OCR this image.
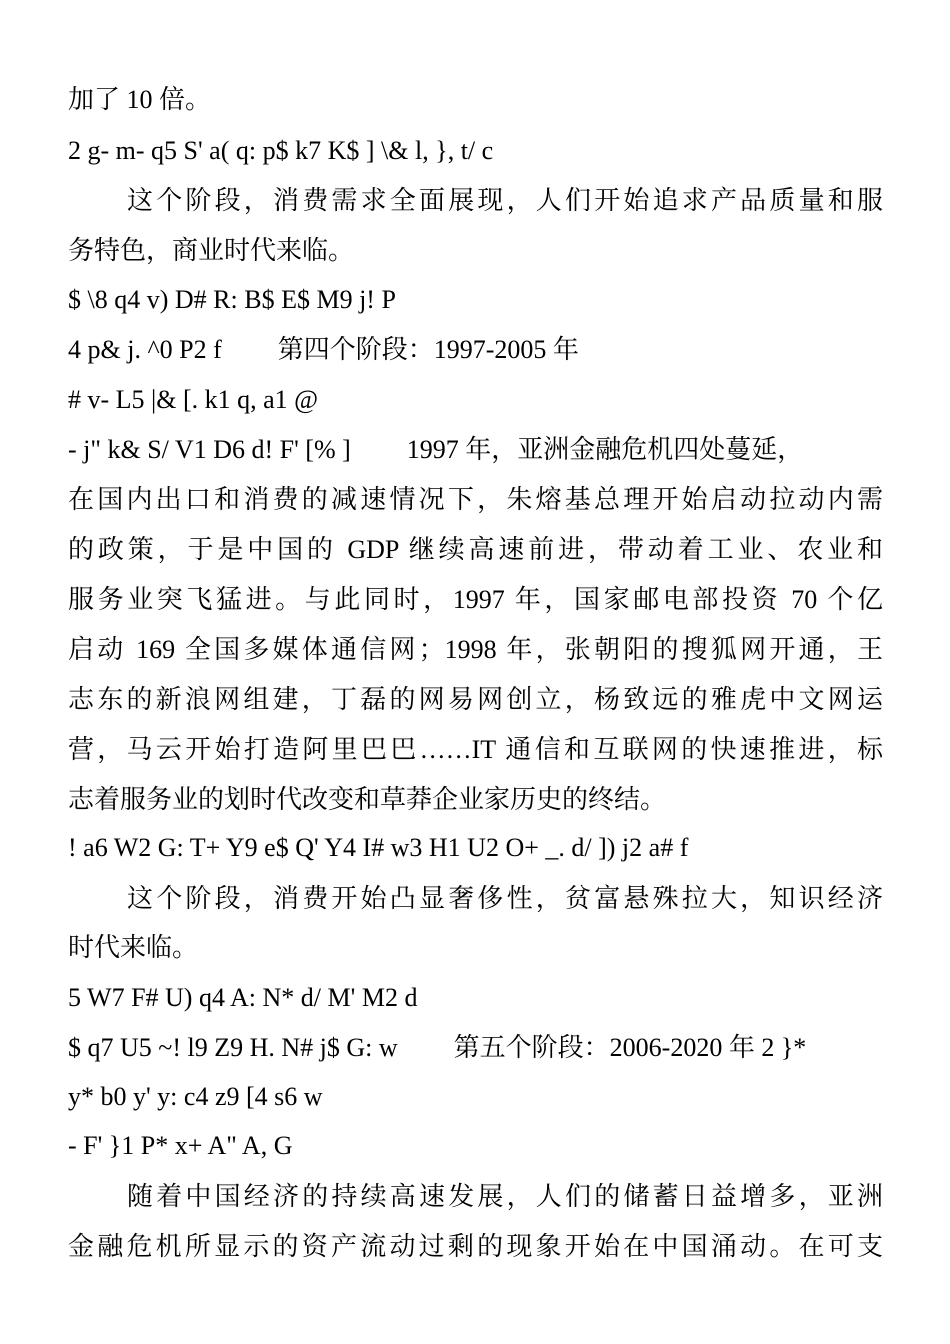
加了 10 倍。
2 g- m- q5 S' a( q: p$ k7 K$ ] \& l, }, t/ c
这个阶段，消费需求全面展现，人们开始追求产品质量和服
务特色，商业时代来临。
$ \8 q4 v) D# R: B$ E$ M9 j! P
4 p& j. ^0 P2 f 第四个阶段：1997-2005 年
# v- L5 |& [. k1 q, a1 @
- j" k& S/ V1 D6 d! F' [% ] 1997 年，亚洲金融危机四处蔓延，
在国内出口和消费的减速情况下，朱熔基总理开始启动拉动内需
的政策，于是中国的 GDP 继续高速前进，带动着工业、农业和
服务业突飞猛进。与此同时，1997 年，国家邮电部投资 70 个亿
启动 169 全国多媒体通信网；1998 年，张朝阳的搜狐网开通，王
志东的新浪网组建，丁磊的网易网创立，杨致远的雅虎中文网运
营，马云开始打造阿里巴巴……IT 通信和互联网的快速推进，标
志着服务业的划时代改变和草莽企业家历史的终结。
! a6 W2 G: T+ Y9 e$ Q' Y4 I# w3 H1 U2 O+ _. d/ ]) j2 a# f
这个阶段，消费开始凸显奢侈性，贫富悬殊拉大，知识经济
时代来临。
5 W7 F# U) q4 A: N* d/ M' M2 d
$ q7 U5 ~! l9 Z9 H. N# j$ G: w 第五个阶段：2006-2020 年 2 }*
y* b0 y' y: c4 z9 [4 s6 w
- F' }1 P* x+ A" A, G
随着中国经济的持续高速发展，人们的储蓄日益增多，亚洲
金融危机所显示的资产流动过剩的现象开始在中国涌动。在可支
